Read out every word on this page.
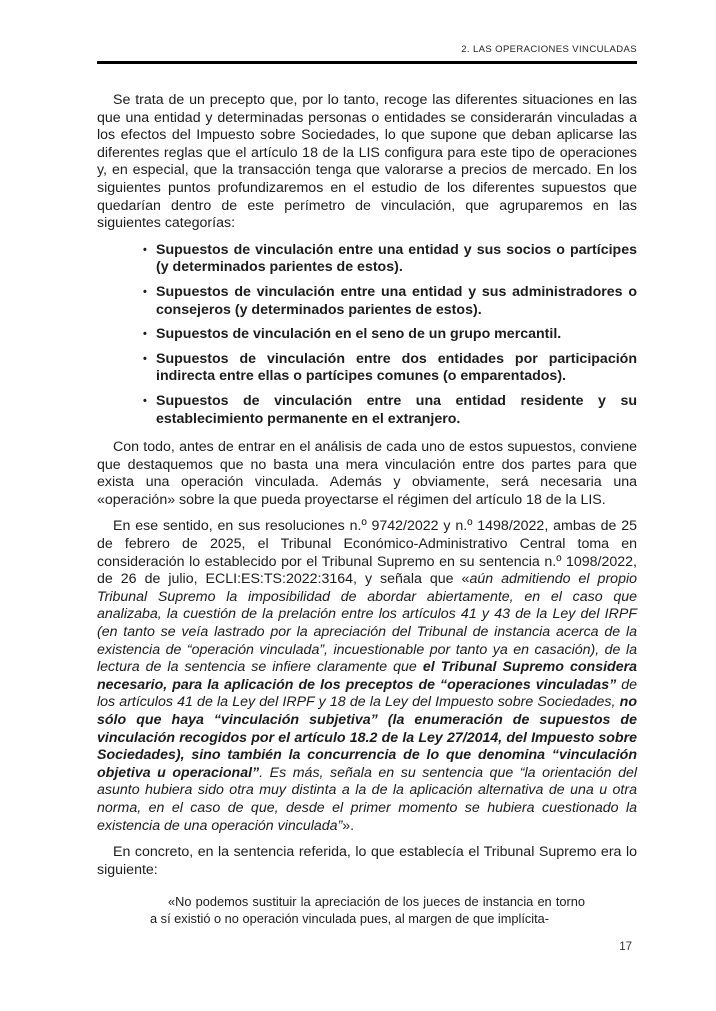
2. LAS OPERACIONES VINCULADAS

Se trata de un precepto que, por lo tanto, recoge las diferentes situaciones en las que una entidad y determinadas personas o entidades se considerarán vinculadas a los efectos del Impuesto sobre Sociedades, lo que supone que deban aplicarse las diferentes reglas que el artículo 18 de la LIS configura para este tipo de operaciones y, en especial, que la transacción tenga que valorarse a precios de mercado. En los siguientes puntos profundizaremos en el estudio de los diferentes supuestos que quedarían dentro de este perímetro de vinculación, que agruparemos en las siguientes categorías:

• Supuestos de vinculación entre una entidad y sus socios o partícipes (y determinados parientes de estos).
• Supuestos de vinculación entre una entidad y sus administradores o consejeros (y determinados parientes de estos).
• Supuestos de vinculación en el seno de un grupo mercantil.
• Supuestos de vinculación entre dos entidades por participación indirecta entre ellas o partícipes comunes (o emparentados).
• Supuestos de vinculación entre una entidad residente y su establecimiento permanente en el extranjero.

Con todo, antes de entrar en el análisis de cada uno de estos supuestos, conviene que destaquemos que no basta una mera vinculación entre dos partes para que exista una operación vinculada. Además y obviamente, será necesaria una «operación» sobre la que pueda proyectarse el régimen del artículo 18 de la LIS.

En ese sentido, en sus resoluciones n.º 9742/2022 y n.º 1498/2022, ambas de 25 de febrero de 2025, el Tribunal Económico-Administrativo Central toma en consideración lo establecido por el Tribunal Supremo en su sentencia n.º 1098/2022, de 26 de julio, ECLI:ES:TS:2022:3164, y señala que «aún admitiendo el propio Tribunal Supremo la imposibilidad de abordar abiertamente, en el caso que analizaba, la cuestión de la prelación entre los artículos 41 y 43 de la Ley del IRPF (en tanto se veía lastrado por la apreciación del Tribunal de instancia acerca de la existencia de “operación vinculada”, incuestionable por tanto ya en casación), de la lectura de la sentencia se infiere claramente que el Tribunal Supremo considera necesario, para la aplicación de los preceptos de “operaciones vinculadas” de los artículos 41 de la Ley del IRPF y 18 de la Ley del Impuesto sobre Sociedades, no sólo que haya “vinculación subjetiva” (la enumeración de supuestos de vinculación recogidos por el artículo 18.2 de la Ley 27/2014, del Impuesto sobre Sociedades), sino también la concurrencia de lo que denomina “vinculación objetiva u operacional”. Es más, señala en su sentencia que “la orientación del asunto hubiera sido otra muy distinta a la de la aplicación alternativa de una u otra norma, en el caso de que, desde el primer momento se hubiera cuestionado la existencia de una operación vinculada”».

En concreto, en la sentencia referida, lo que establecía el Tribunal Supremo era lo siguiente:

«No podemos sustituir la apreciación de los jueces de instancia en torno a sí existió o no operación vinculada pues, al margen de que implícita-
17
